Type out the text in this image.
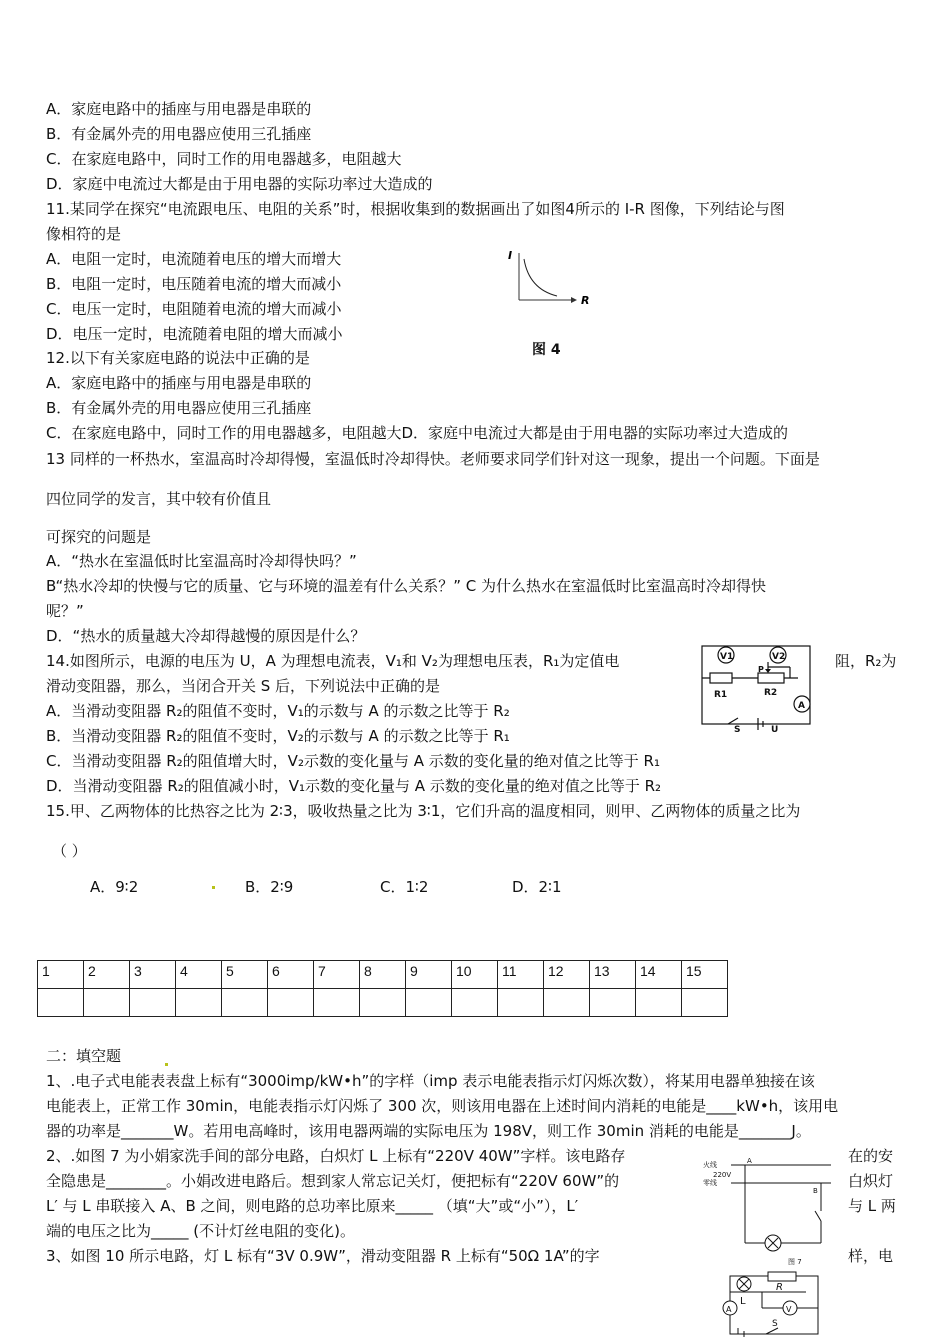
A．家庭电路中的插座与用电器是串联的
B．有金属外壳的用电器应使用三孔插座
C．在家庭电路中，同时工作的用电器越多，电阻越大
D．家庭中电流过大都是由于用电器的实际功率过大造成的
11.某同学在探究“电流跟电压、电阻的关系”时，根据收集到的数据画出了如图4所示的 I-R 图像，下列结论与图
像相符的是
A．电阻一定时，电流随着电压的增大而增大
B．电阻一定时，电压随着电流的增大而减小
C．电压一定时，电阻随着电流的增大而减小
D．电压一定时，电流随着电阻的增大而减小
I
R
图 4
12.以下有关家庭电路的说法中正确的是
A．家庭电路中的插座与用电器是串联的
B．有金属外壳的用电器应使用三孔插座
C．在家庭电路中，同时工作的用电器越多，电阻越大D．家庭中电流过大都是由于用电器的实际功率过大造成的
13 同样的一杯热水，室温高时冷却得慢，室温低时冷却得快。老师要求同学们针对这一现象，提出一个问题。下面是
四位同学的发言，其中较有价值且
可探究的问题是
A．“热水在室温低时比室温高时冷却得快吗？”
B“热水冷却的快慢与它的质量、它与环境的温差有什么关系？” C 为什么热水在室温低时比室温高时冷却得快
呢？”
D．“热水的质量越大冷却得越慢的原因是什么？
14.如图所示，电源的电压为 U，A 为理想电流表，V₁和 V₂为理想电压表，R₁为定值电	阻，R₂为
滑动变阻器，那么，当闭合开关 S 后，下列说法中正确的是
A．当滑动变阻器 R₂的阻值不变时，V₁的示数与 A 的示数之比等于 R₂
B．当滑动变阻器 R₂的阻值不变时，V₂的示数与 A 的示数之比等于 R₁
C．当滑动变阻器 R₂的阻值增大时，V₂示数的变化量与 A 示数的变化量的绝对值之比等于 R₁
D．当滑动变阻器 R₂的阻值减小时，V₁示数的变化量与 A 示数的变化量的绝对值之比等于 R₂
V1	V2
R1	R2
P
A
S	U
15.甲、乙两物体的比热容之比为 2∶3，吸收热量之比为 3∶1，它们升高的温度相同，则甲、乙两物体的质量之比为
（ ）
A．9∶2	B．2∶9	C．1∶2	D．2∶1
1	2	3	4	5	6	7	8	9	10	11	12	13	14	15

二：填空题
1、.电子式电能表表盘上标有“3000imp/kW•h”的字样（imp 表示电能表指示灯闪烁次数），将某用电器单独接在该
电能表上，正常工作 30min，电能表指示灯闪烁了 300 次，则该用电器在上述时间内消耗的电能是____kW•h，该用电
器的功率是_______W。若用电高峰时，该用电器两端的实际电压为 198V，则工作 30min 消耗的电能是_______J。
2、.如图 7 为小娟家洗手间的部分电路，白炽灯 L 上标有“220V 40W”字样。该电路存	在的安
全隐患是________。小娟改进电路后。想到家人常忘记关灯，便把标有“220V 60W”的	白炽灯
L′ 与 L 串联接入 A、B 之间，则电路的总功率比原来_____ （填“大”或“小”），L′	与 L 两
端的电压之比为_____ (不计灯丝电阻的变化)。
火线
220V
零线
A
B
图 7
3、如图 10 所示电路，灯 L 标有“3V 0.9W”，滑动变阻器 R 上标有“50Ω 1A”的字	样，电
L
R
A	V
S
